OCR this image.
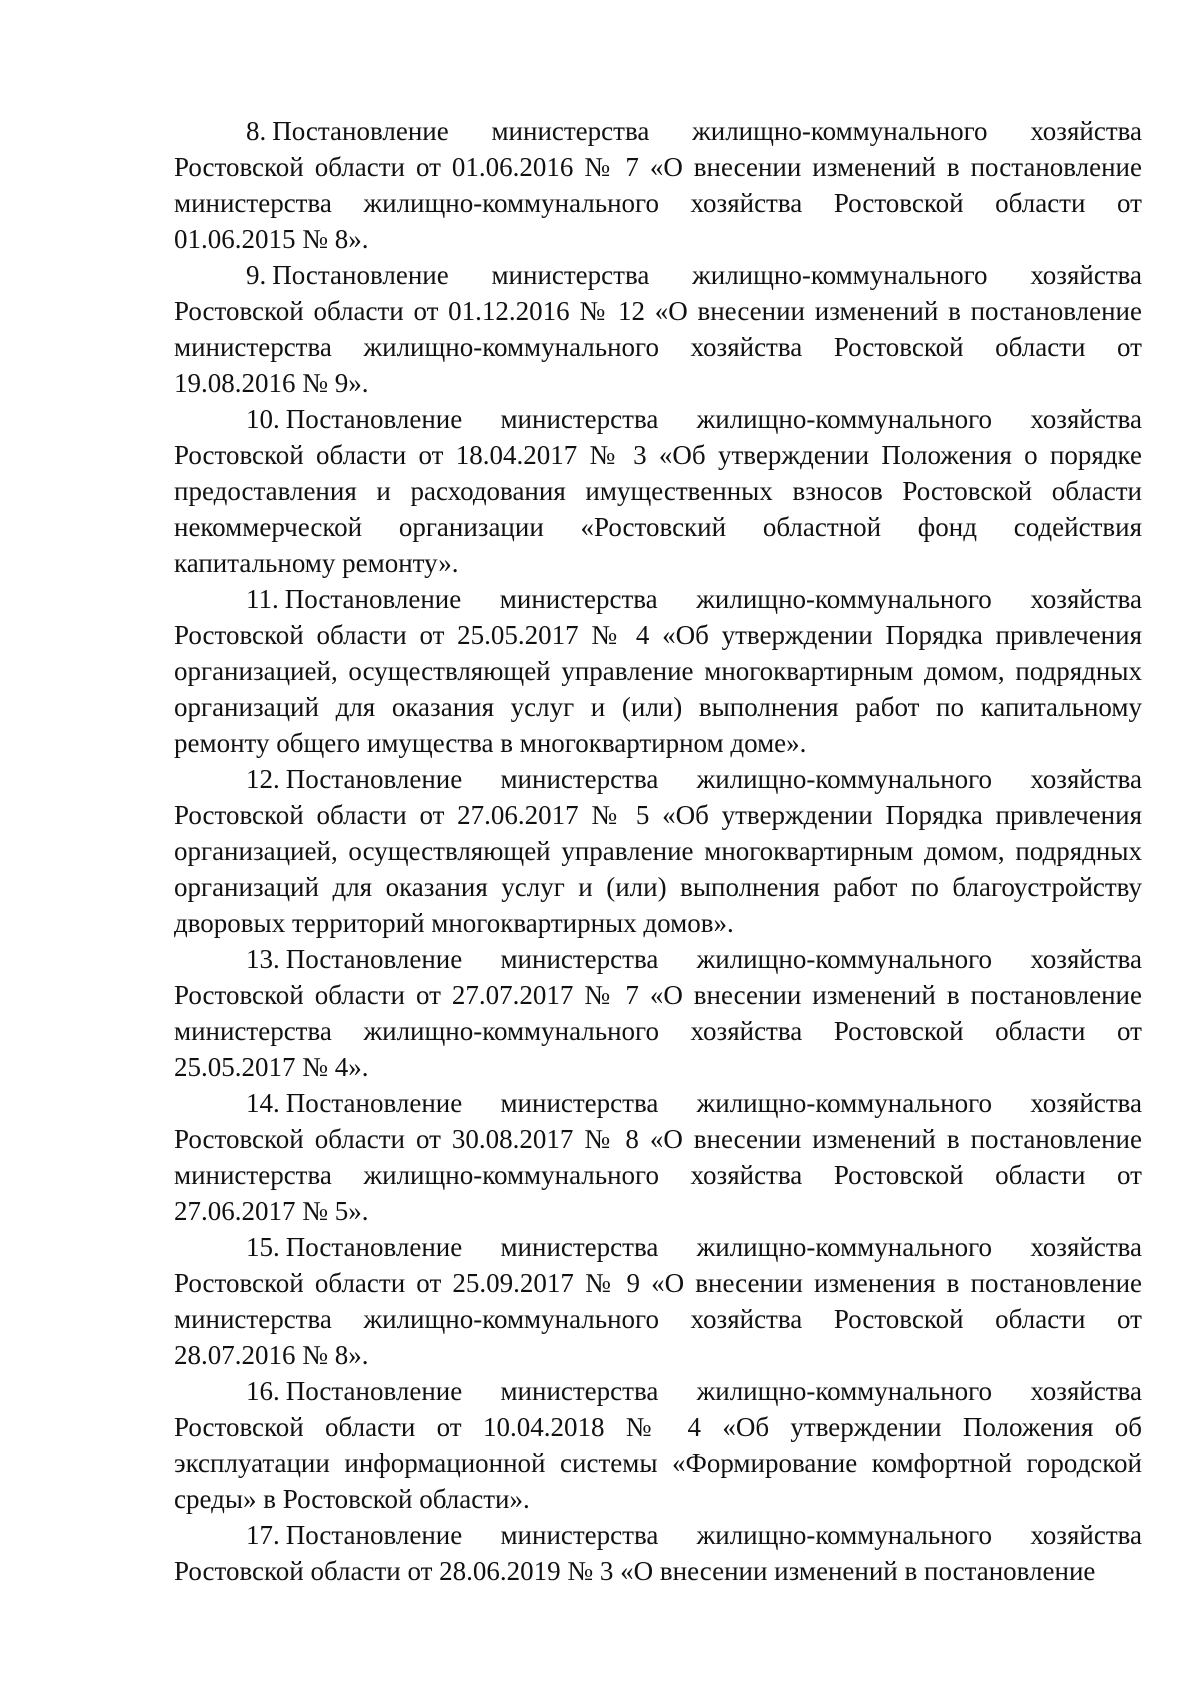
8. Постановление министерства жилищно-коммунального хозяйства Ростовской области от 01.06.2016 № 7 «О внесении изменений в постановление министерства жилищно-коммунального хозяйства Ростовской области от 01.06.2015 № 8».

9. Постановление министерства жилищно-коммунального хозяйства Ростовской области от 01.12.2016 № 12 «О внесении изменений в постановление министерства жилищно-коммунального хозяйства Ростовской области от 19.08.2016 № 9».

10. Постановление министерства жилищно-коммунального хозяйства Ростовской области от 18.04.2017 № 3 «Об утверждении Положения о порядке предоставления и расходования имущественных взносов Ростовской области некоммерческой организации «Ростовский областной фонд содействия капитальному ремонту».

11. Постановление министерства жилищно-коммунального хозяйства Ростовской области от 25.05.2017 № 4 «Об утверждении Порядка привлечения организацией, осуществляющей управление многоквартирным домом, подрядных организаций для оказания услуг и (или) выполнения работ по капитальному ремонту общего имущества в многоквартирном доме».

12. Постановление министерства жилищно-коммунального хозяйства Ростовской области от 27.06.2017 № 5 «Об утверждении Порядка привлечения организацией, осуществляющей управление многоквартирным домом, подрядных организаций для оказания услуг и (или) выполнения работ по благоустройству дворовых территорий многоквартирных домов».

13. Постановление министерства жилищно-коммунального хозяйства Ростовской области от 27.07.2017 № 7 «О внесении изменений в постановление министерства жилищно-коммунального хозяйства Ростовской области от 25.05.2017 № 4».

14. Постановление министерства жилищно-коммунального хозяйства Ростовской области от 30.08.2017 № 8 «О внесении изменений в постановление министерства жилищно-коммунального хозяйства Ростовской области от 27.06.2017 № 5».

15. Постановление министерства жилищно-коммунального хозяйства Ростовской области от 25.09.2017 № 9 «О внесении изменения в постановление министерства жилищно-коммунального хозяйства Ростовской области от 28.07.2016 № 8».

16. Постановление министерства жилищно-коммунального хозяйства Ростовской области от 10.04.2018 № 4 «Об утверждении Положения об эксплуатации информационной системы «Формирование комфортной городской среды» в Ростовской области».

17. Постановление министерства жилищно-коммунального хозяйства Ростовской области от 28.06.2019 № 3 «О внесении изменений в постановление
